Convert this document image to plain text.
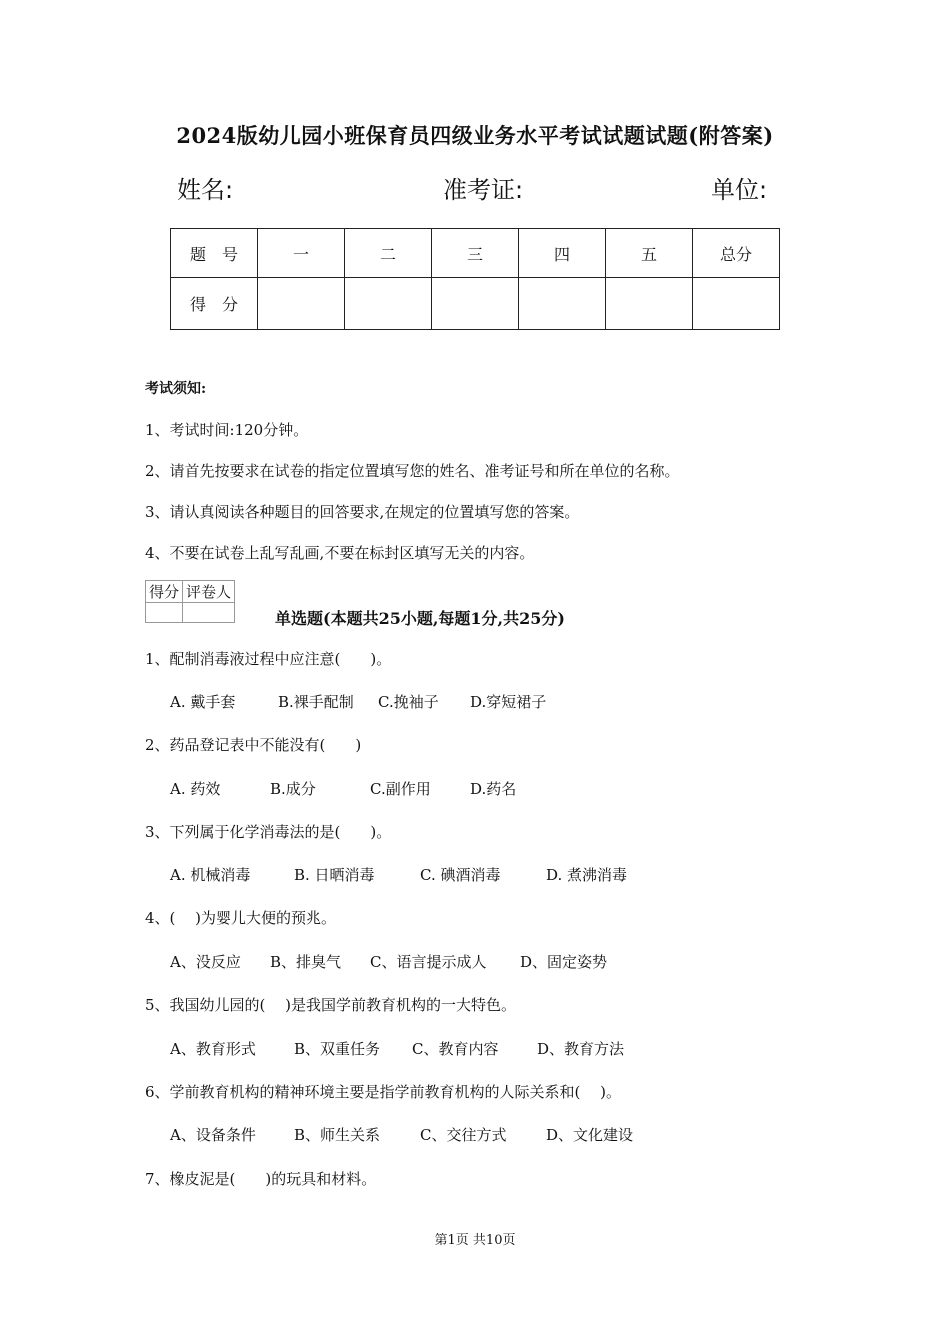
2024版幼儿园小班保育员四级业务水平考试试题试题(附答案)
姓名:	准考证:	单位:
题　号	一	二	三	四	五	总分
得　分						
考试须知:
1、考试时间:120分钟。
2、请首先按要求在试卷的指定位置填写您的姓名、准考证号和所在单位的名称。
3、请认真阅读各种题目的回答要求,在规定的位置填写您的答案。
4、不要在试卷上乱写乱画,不要在标封区填写无关的内容。
得分	评卷人

单选题(本题共25小题,每题1分,共25分)
1、配制消毒液过程中应注意(　　)。
A. 戴手套	B.裸手配制 C.挽袖子 D.穿短裙子
2、药品登记表中不能没有(　　)
A. 药效	B.成分	C.副作用	D.药名
3、下列属于化学消毒法的是(　　)。
A. 机械消毒	B. 日晒消毒	C. 碘酒消毒	D. 煮沸消毒
4、(　 )为婴儿大便的预兆。
A、没反应 B、排臭气 C、语言提示成人 D、固定姿势
5、我国幼儿园的(　 )是我国学前教育机构的一大特色。
A、教育形式	B、双重任务 C、教育内容	D、教育方法
6、学前教育机构的精神环境主要是指学前教育机构的人际关系和(　 )。
A、设备条件	B、师生关系	C、交往方式	D、文化建设
7、橡皮泥是(　　)的玩具和材料。
第1页 共10页
